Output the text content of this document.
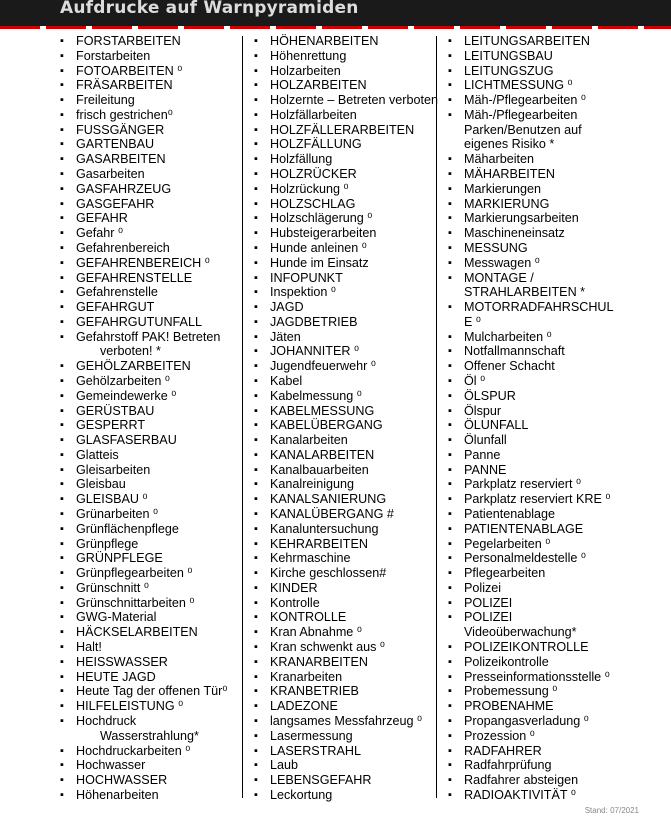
Aufdrucke auf Warnpyramiden
▪ FORSTARBEITEN
▪ Forstarbeiten
▪ FOTOARBEITEN ⁰
▪ FRÄSARBEITEN
▪ Freileitung
▪ frisch gestrichen⁰
▪ FUSSGÄNGER
▪ GARTENBAU
▪ GASARBEITEN
▪ Gasarbeiten
▪ GASFAHRZEUG
▪ GASGEFAHR
▪ GEFAHR
▪ Gefahr ⁰
▪ Gefahrenbereich
▪ GEFAHRENBEREICH ⁰
▪ GEFAHRENSTELLE
▪ Gefahrenstelle
▪ GEFAHRGUT
▪ GEFAHRGUTUNFALL
▪ Gefahrstoff PAK! Betreten
verboten! *
▪ GEHÖLZARBEITEN
▪ Gehölzarbeiten ⁰
▪ Gemeindewerke ⁰
▪ GERÜSTBAU
▪ GESPERRT
▪ GLASFASERBAU
▪ Glatteis
▪ Gleisarbeiten
▪ Gleisbau
▪ GLEISBAU ⁰
▪ Grünarbeiten ⁰
▪ Grünflächenpflege
▪ Grünpflege
▪ GRÜNPFLEGE
▪ Grünpflegearbeiten ⁰
▪ Grünschnitt ⁰
▪ Grünschnittarbeiten ⁰
▪ GWG-Material
▪ HÄCKSELARBEITEN
▪ Halt!
▪ HEISSWASSER
▪ HEUTE JAGD
▪ Heute Tag der offenen Tür⁰
▪ HILFELEISTUNG ⁰
▪ Hochdruck
Wasserstrahlung*
▪ Hochdruckarbeiten ⁰
▪ Hochwasser
▪ HOCHWASSER
▪ Höhenarbeiten
▪ HÖHENARBEITEN
▪ Höhenrettung
▪ Holzarbeiten
▪ HOLZARBEITEN
▪ Holzernte – Betreten verboten
▪ Holzfällarbeiten
▪ HOLZFÄLLERARBEITEN
▪ HOLZFÄLLUNG
▪ Holzfällung
▪ HOLZRÜCKER
▪ Holzrückung ⁰
▪ HOLZSCHLAG
▪ Holzschlägerung ⁰
▪ Hubsteigerarbeiten
▪ Hunde anleinen ⁰
▪ Hunde im Einsatz
▪ INFOPUNKT
▪ Inspektion ⁰
▪ JAGD
▪ JAGDBETRIEB
▪ Jäten
▪ JOHANNITER ⁰
▪ Jugendfeuerwehr ⁰
▪ Kabel
▪ Kabelmessung ⁰
▪ KABELMESSUNG
▪ KABELÜBERGANG
▪ Kanalarbeiten
▪ KANALARBEITEN
▪ Kanalbauarbeiten
▪ Kanalreinigung
▪ KANALSANIERUNG
▪ KANALÜBERGANG #
▪ Kanaluntersuchung
▪ KEHRARBEITEN
▪ Kehrmaschine
▪ Kirche geschlossen#
▪ KINDER
▪ Kontrolle
▪ KONTROLLE
▪ Kran Abnahme ⁰
▪ Kran schwenkt aus ⁰
▪ KRANARBEITEN
▪ Kranarbeiten
▪ KRANBETRIEB
▪ LADEZONE
▪ langsames Messfahrzeug ⁰
▪ Lasermessung
▪ LASERSTRAHL
▪ Laub
▪ LEBENSGEFAHR
▪ Leckortung
▪ LEITUNGSARBEITEN
▪ LEITUNGSBAU
▪ LEITUNGSZUG
▪ LICHTMESSUNG ⁰
▪ Mäh-/Pflegearbeiten ⁰
▪ Mäh-/Pflegearbeiten
Parken/Benutzen auf
eigenes Risiko *
▪ Mäharbeiten
▪ MÄHARBEITEN
▪ Markierungen
▪ MARKIERUNG
▪ Markierungsarbeiten
▪ Maschineneinsatz
▪ MESSUNG
▪ Messwagen ⁰
▪ MONTAGE /
STRAHLARBEITEN *
▪ MOTORRADFAHRSCHUL
E ⁰
▪ Mulcharbeiten ⁰
▪ Notfallmannschaft
▪ Offener Schacht
▪ Öl ⁰
▪ ÖLSPUR
▪ Ölspur
▪ ÖLUNFALL
▪ Ölunfall
▪ Panne
▪ PANNE
▪ Parkplatz reserviert ⁰
▪ Parkplatz reserviert KRE ⁰
▪ Patientenablage
▪ PATIENTENABLAGE
▪ Pegelarbeiten ⁰
▪ Personalmeldestelle ⁰
▪ Pflegearbeiten
▪ Polizei
▪ POLIZEI
▪ POLIZEI
Videoüberwachung*
▪ POLIZEIKONTROLLE
▪ Polizeikontrolle
▪ Presseinformationsstelle ⁰
▪ Probemessung ⁰
▪ PROBENAHME
▪ Propangasverladung ⁰
▪ Prozession ⁰
▪ RADFAHRER
▪ Radfahrprüfung
▪ Radfahrer absteigen
▪ RADIOAKTIVITÄT ⁰
Stand: 07/2021
